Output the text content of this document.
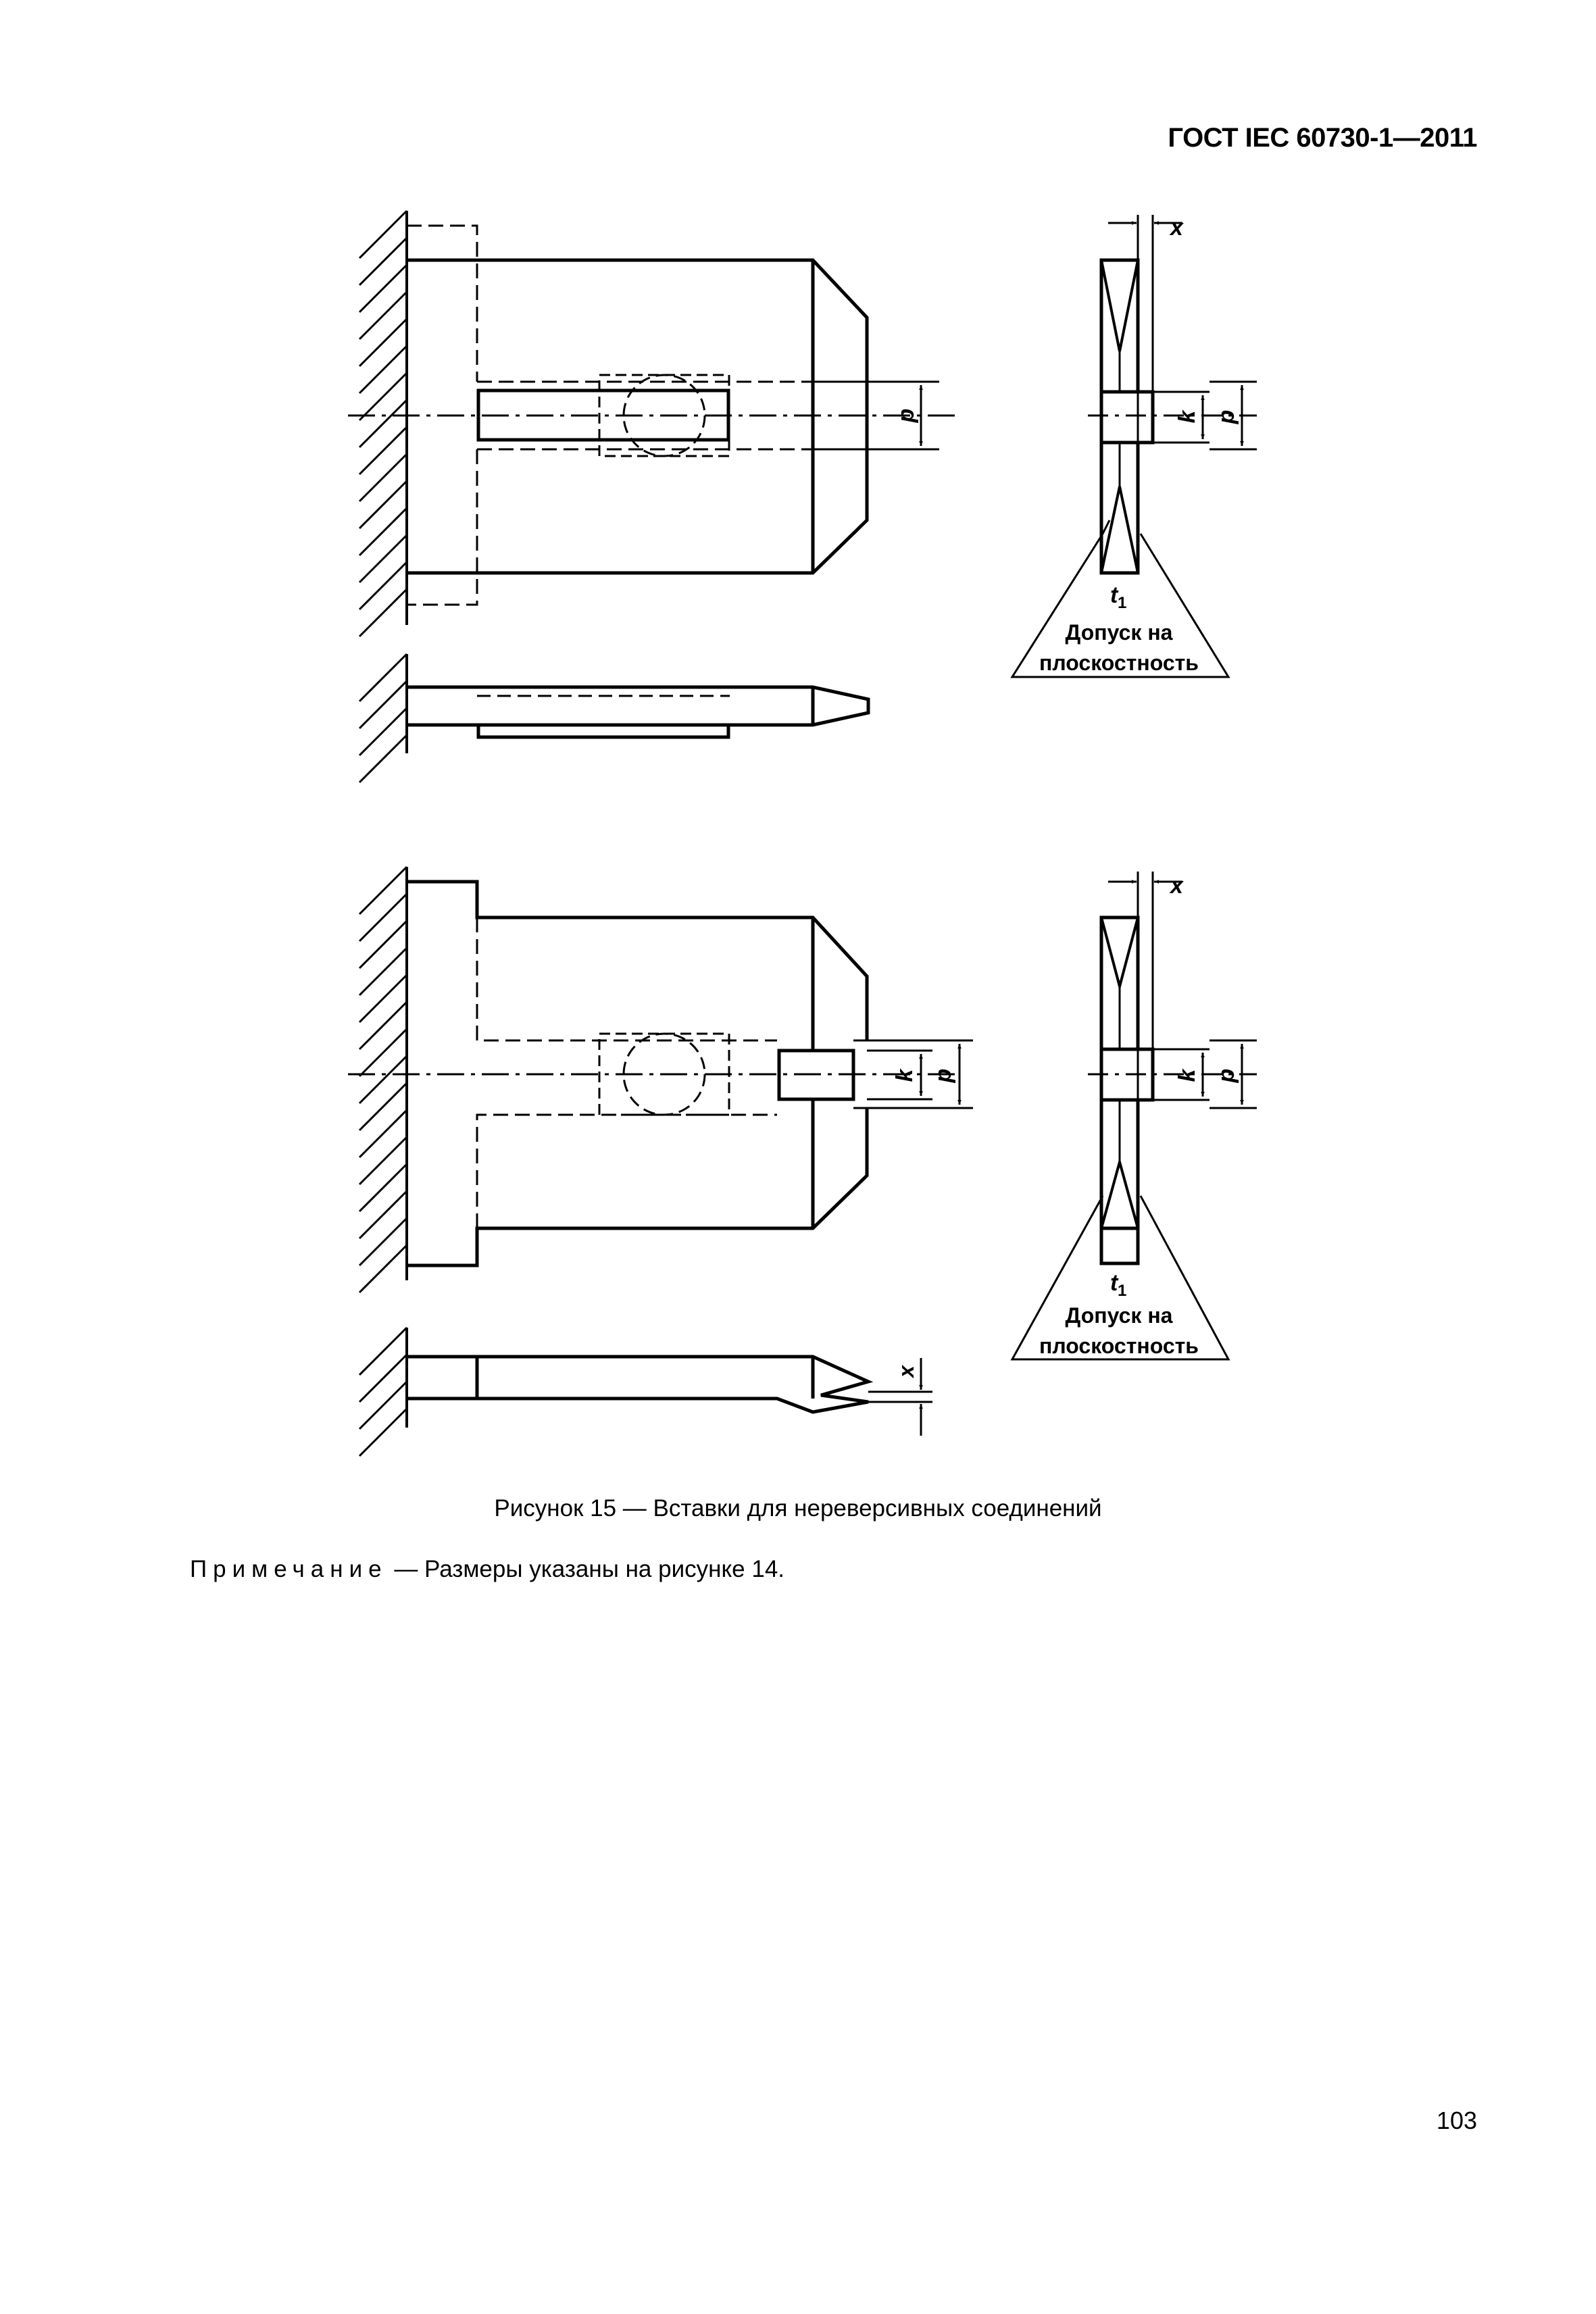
ГОСТ IEC 60730-1—2011
p
x
k p
t 1
Допуск на
плоскостность
k p
x
x
k p
t 1
Допуск на
плоскостность
Рисунок 15 — Вставки для нереверсивных соединений
Примечание — Размеры указаны на рисунке 14.
103
